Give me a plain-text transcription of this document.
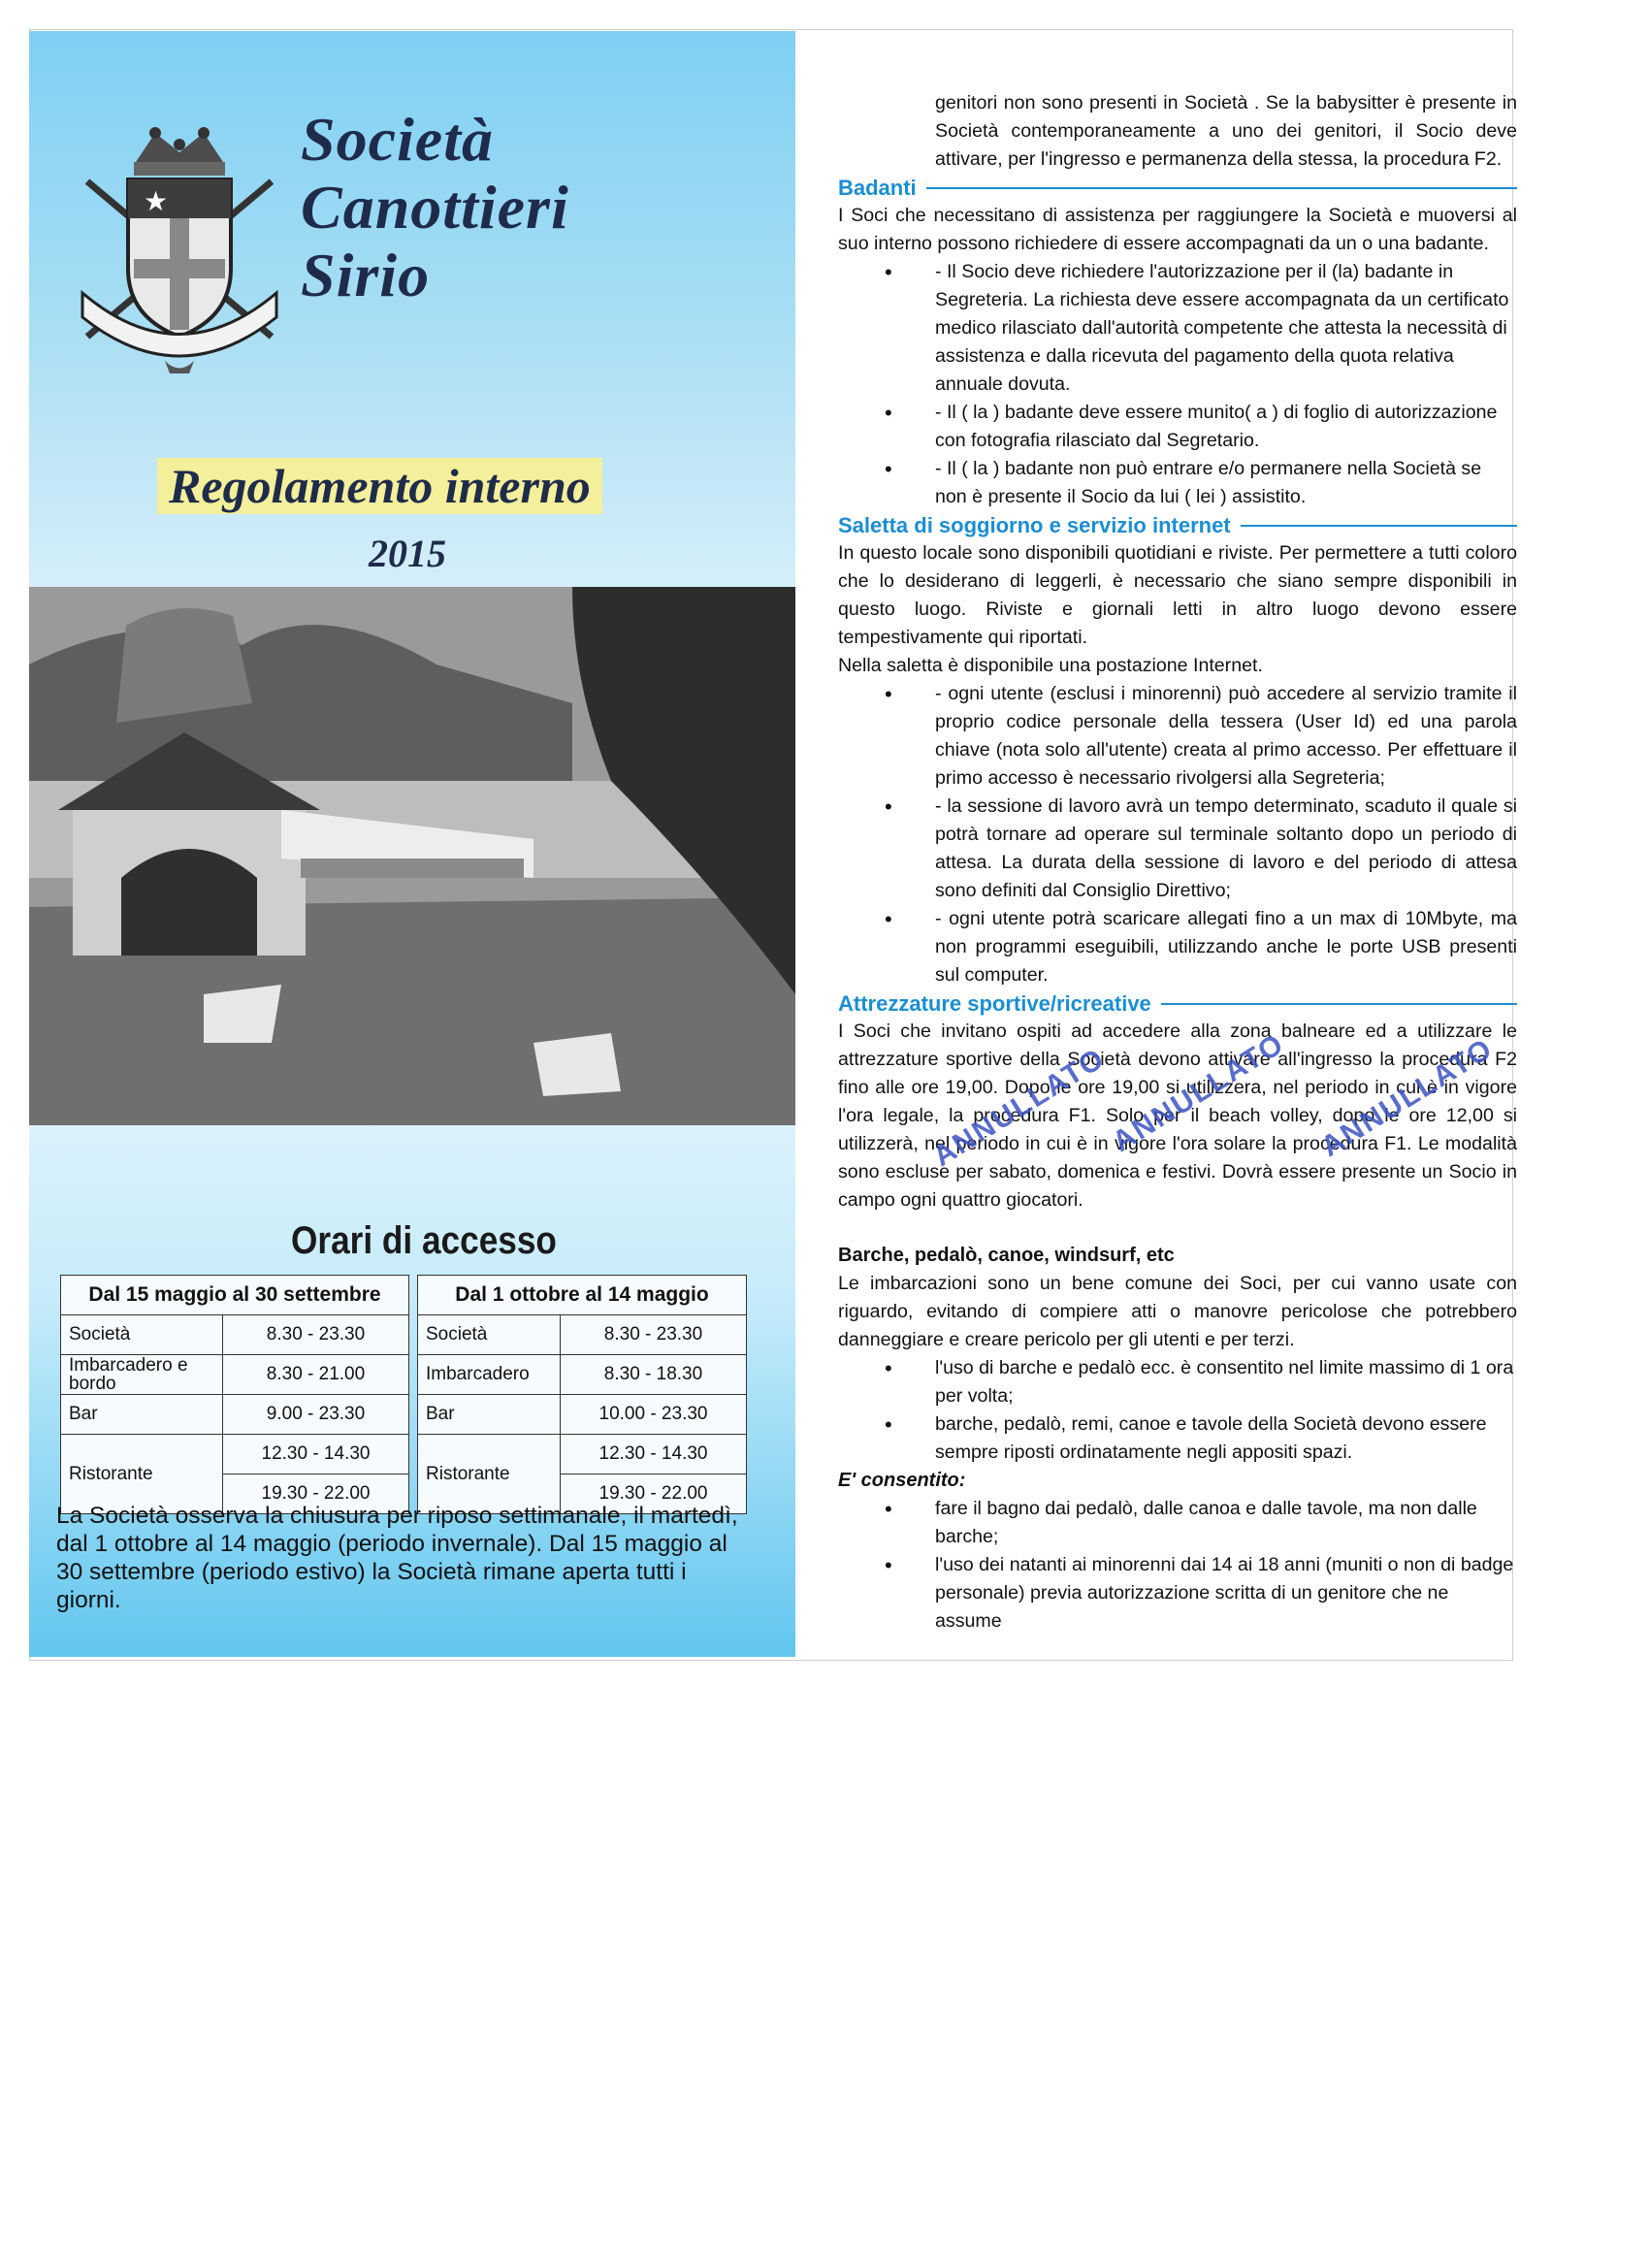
★
Società
Canottieri
Sirio
Regolamento interno
2015
Orari di accesso
Dal 15 maggio al 30 settembre	
Società	8.30 - 23.30
Imbarcadero e bordo	8.30 - 21.00
Bar	9.00 - 23.30
Ristorante	12.30 - 14.30
	19.30 - 22.00
Dal 1 ottobre al 14 maggio	
Società	8.30 - 23.30
Imbarcadero	8.30 - 18.30
Bar	10.00 - 23.30
Ristorante	12.30 - 14.30
	19.30 - 22.00
La Società osserva la chiusura per riposo settimanale, il martedì, dal 1 ottobre al 14 maggio (periodo invernale). Dal 15 maggio al 30 settembre (periodo estivo) la Società rimane aperta tutti i giorni.

genitori non sono presenti in Società . Se la babysitter è presente in Società contemporaneamente a uno dei genitori, il Socio deve attivare, per l'ingresso e permanenza della stessa, la procedura F2.

Badanti

I Soci che necessitano di assistenza per raggiungere la Società e muoversi al suo interno possono richiedere di essere accompagnati da un o una badante.

• - Il Socio deve richiedere l'autorizzazione per il (la) badante in Segreteria. La richiesta deve essere accompagnata da un certificato medico rilasciato dall'autorità competente che attesta la necessità di assistenza e dalla ricevuta del pagamento della quota relativa annuale dovuta.
• - Il ( la ) badante deve essere munito( a ) di foglio di autorizzazione con fotografia rilasciato dal Segretario.
• - Il ( la ) badante non può entrare e/o permanere nella Società se non è presente il Socio da lui ( lei ) assistito.
Saletta di soggiorno e servizio internet

In questo locale sono disponibili quotidiani e riviste. Per permettere a tutti coloro che lo desiderano di leggerli, è necessario che siano sempre disponibili in questo luogo. Riviste e giornali letti in altro luogo devono essere tempestivamente qui riportati.

Nella saletta è disponibile una postazione Internet.

• - ogni utente (esclusi i minorenni) può accedere al servizio tramite il proprio codice personale della tessera (User Id) ed una parola chiave (nota solo all'utente) creata al primo accesso. Per effettuare il primo accesso è necessario rivolgersi alla Segreteria;
• - la sessione di lavoro avrà un tempo determinato, scaduto il quale si potrà tornare ad operare sul terminale soltanto dopo un periodo di attesa. La durata della sessione di lavoro e del periodo di attesa sono definiti dal Consiglio Direttivo;
• - ogni utente potrà scaricare allegati fino a un max di 10Mbyte, ma non programmi eseguibili, utilizzando anche le porte USB presenti sul computer.
Attrezzature sportive/ricreative

I Soci che invitano ospiti ad accedere alla zona balneare ed a utilizzare le attrezzature sportive della Società devono attivare all'ingresso la procedura F2 fino alle ore 19,00. Dopo le ore 19,00 si utilizzera, nel periodo in cui è in vigore l'ora legale, la procedura F1. Solo per il beach volley, dopo le ore 12,00 si utilizzerà, nel periodo in cui è in vigore l'ora solare la procedura F1. Le modalità sono escluse per sabato, domenica e festivi. Dovrà essere presente un Socio in campo ogni quattro giocatori.

Barche, pedalò, canoe, windsurf, etc

Le imbarcazioni sono un bene comune dei Soci, per cui vanno usate con riguardo, evitando di compiere atti o manovre pericolose che potrebbero danneggiare e creare pericolo per gli utenti e per terzi.

• l'uso di barche e pedalò ecc. è consentito nel limite massimo di 1 ora per volta;
• barche, pedalò, remi, canoe e tavole della Società devono essere sempre riposti ordinatamente negli appositi spazi.

E' consentito:

• fare il bagno dai pedalò, dalle canoa e dalle tavole, ma non dalle barche;
• l'uso dei natanti ai minorenni dai 14 ai 18 anni (muniti o non di badge personale) previa autorizzazione scritta di un genitore che ne assume
ANNULLATO
ANNULLATO ANNULLATO
